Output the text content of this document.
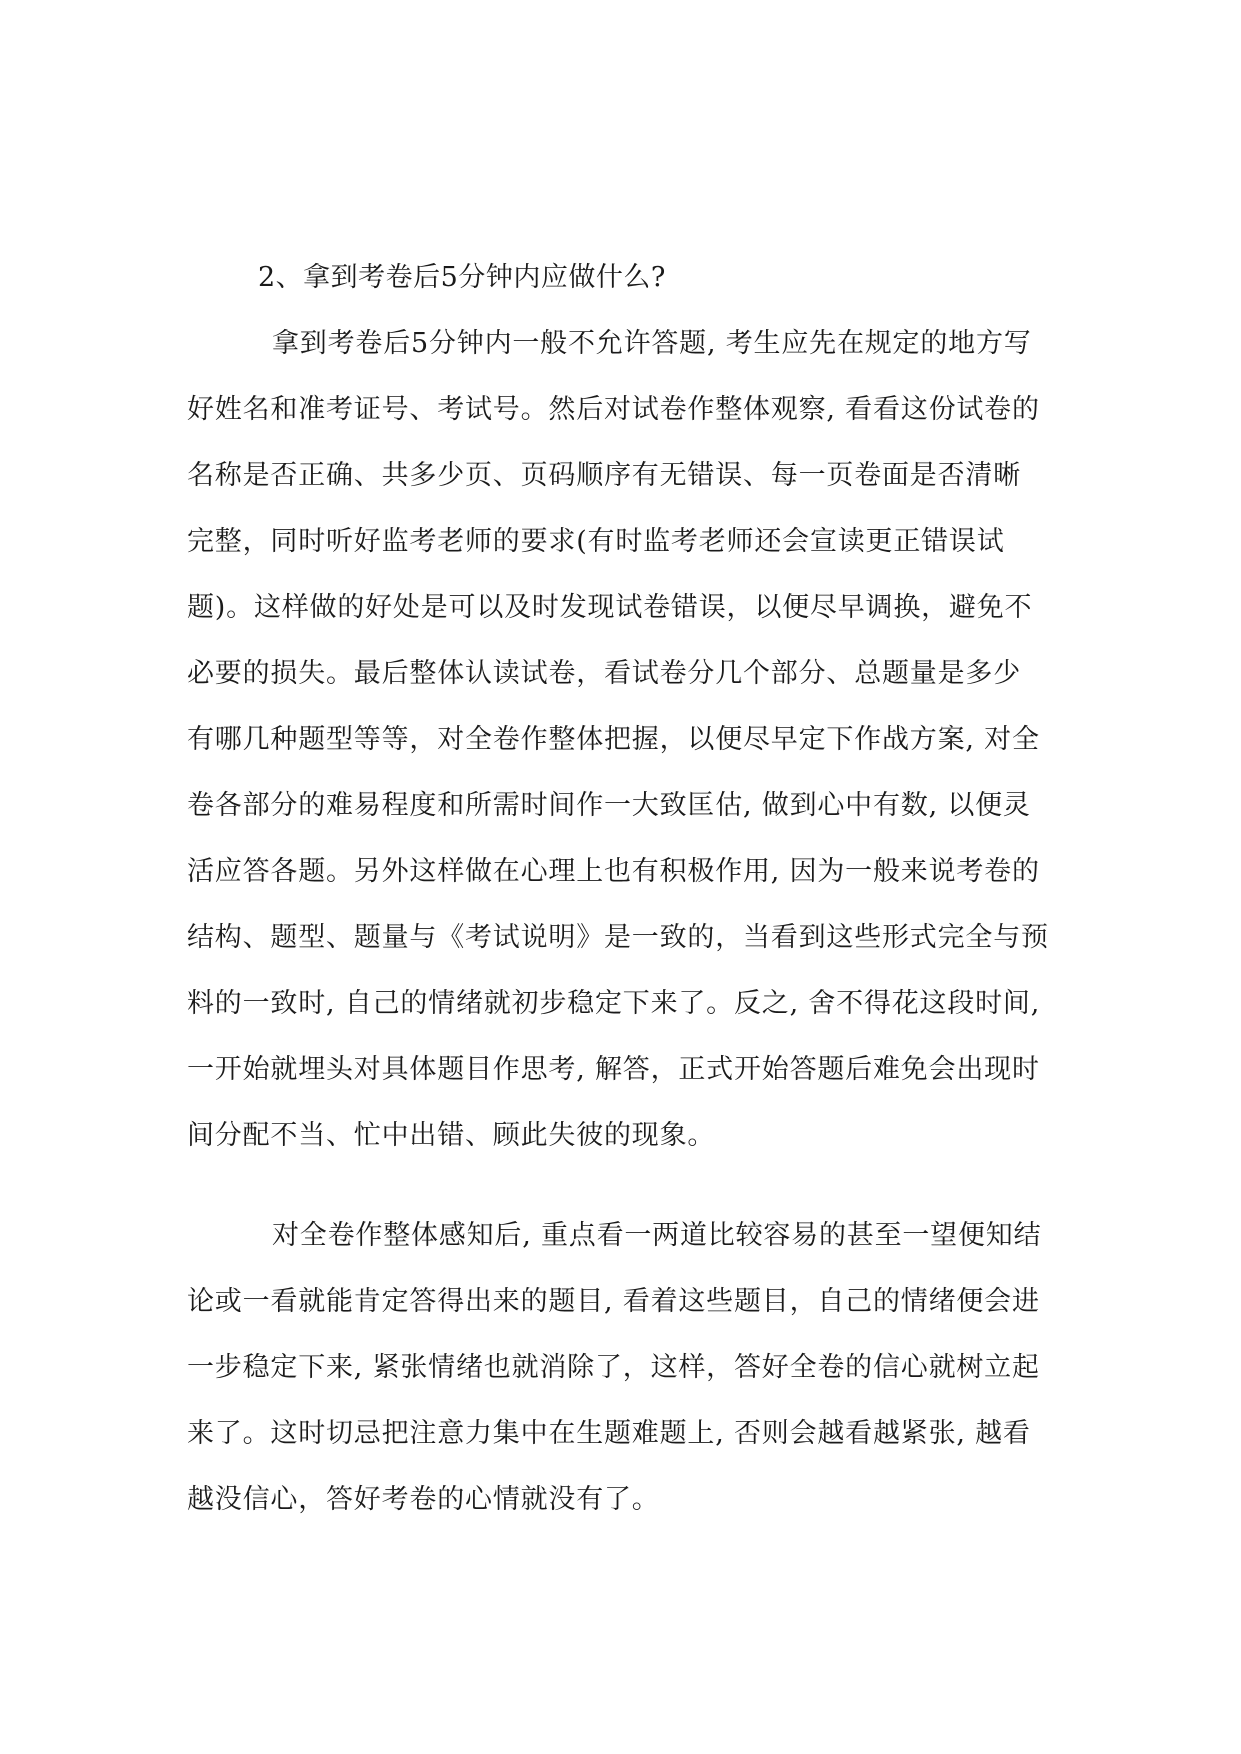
2、拿到考卷后5分钟内应做什么?
拿到考卷后5分钟内一般不允许答题, 考生应先在规定的地方写
好姓名和准考证号、考试号。然后对试卷作整体观察, 看看这份试卷的
名称是否正确、共多少页、页码顺序有无错误、每一页卷面是否清晰
完整，同时听好监考老师的要求(有时监考老师还会宣读更正错误试
题)。这样做的好处是可以及时发现试卷错误，以便尽早调换，避免不
必要的损失。最后整体认读试卷，看试卷分几个部分、总题量是多少
有哪几种题型等等，对全卷作整体把握，以便尽早定下作战方案, 对全
卷各部分的难易程度和所需时间作一大致匡估, 做到心中有数, 以便灵
活应答各题。另外这样做在心理上也有积极作用, 因为一般来说考卷的
结构、题型、题量与《考试说明》是一致的，当看到这些形式完全与预
料的一致时, 自己的情绪就初步稳定下来了。反之, 舍不得花这段时间,
一开始就埋头对具体题目作思考, 解答，正式开始答题后难免会出现时
间分配不当、忙中出错、顾此失彼的现象。
对全卷作整体感知后, 重点看一两道比较容易的甚至一望便知结
论或一看就能肯定答得出来的题目, 看着这些题目，自己的情绪便会进
一步稳定下来, 紧张情绪也就消除了，这样，答好全卷的信心就树立起
来了。这时切忌把注意力集中在生题难题上, 否则会越看越紧张, 越看
越没信心，答好考卷的心情就没有了。
